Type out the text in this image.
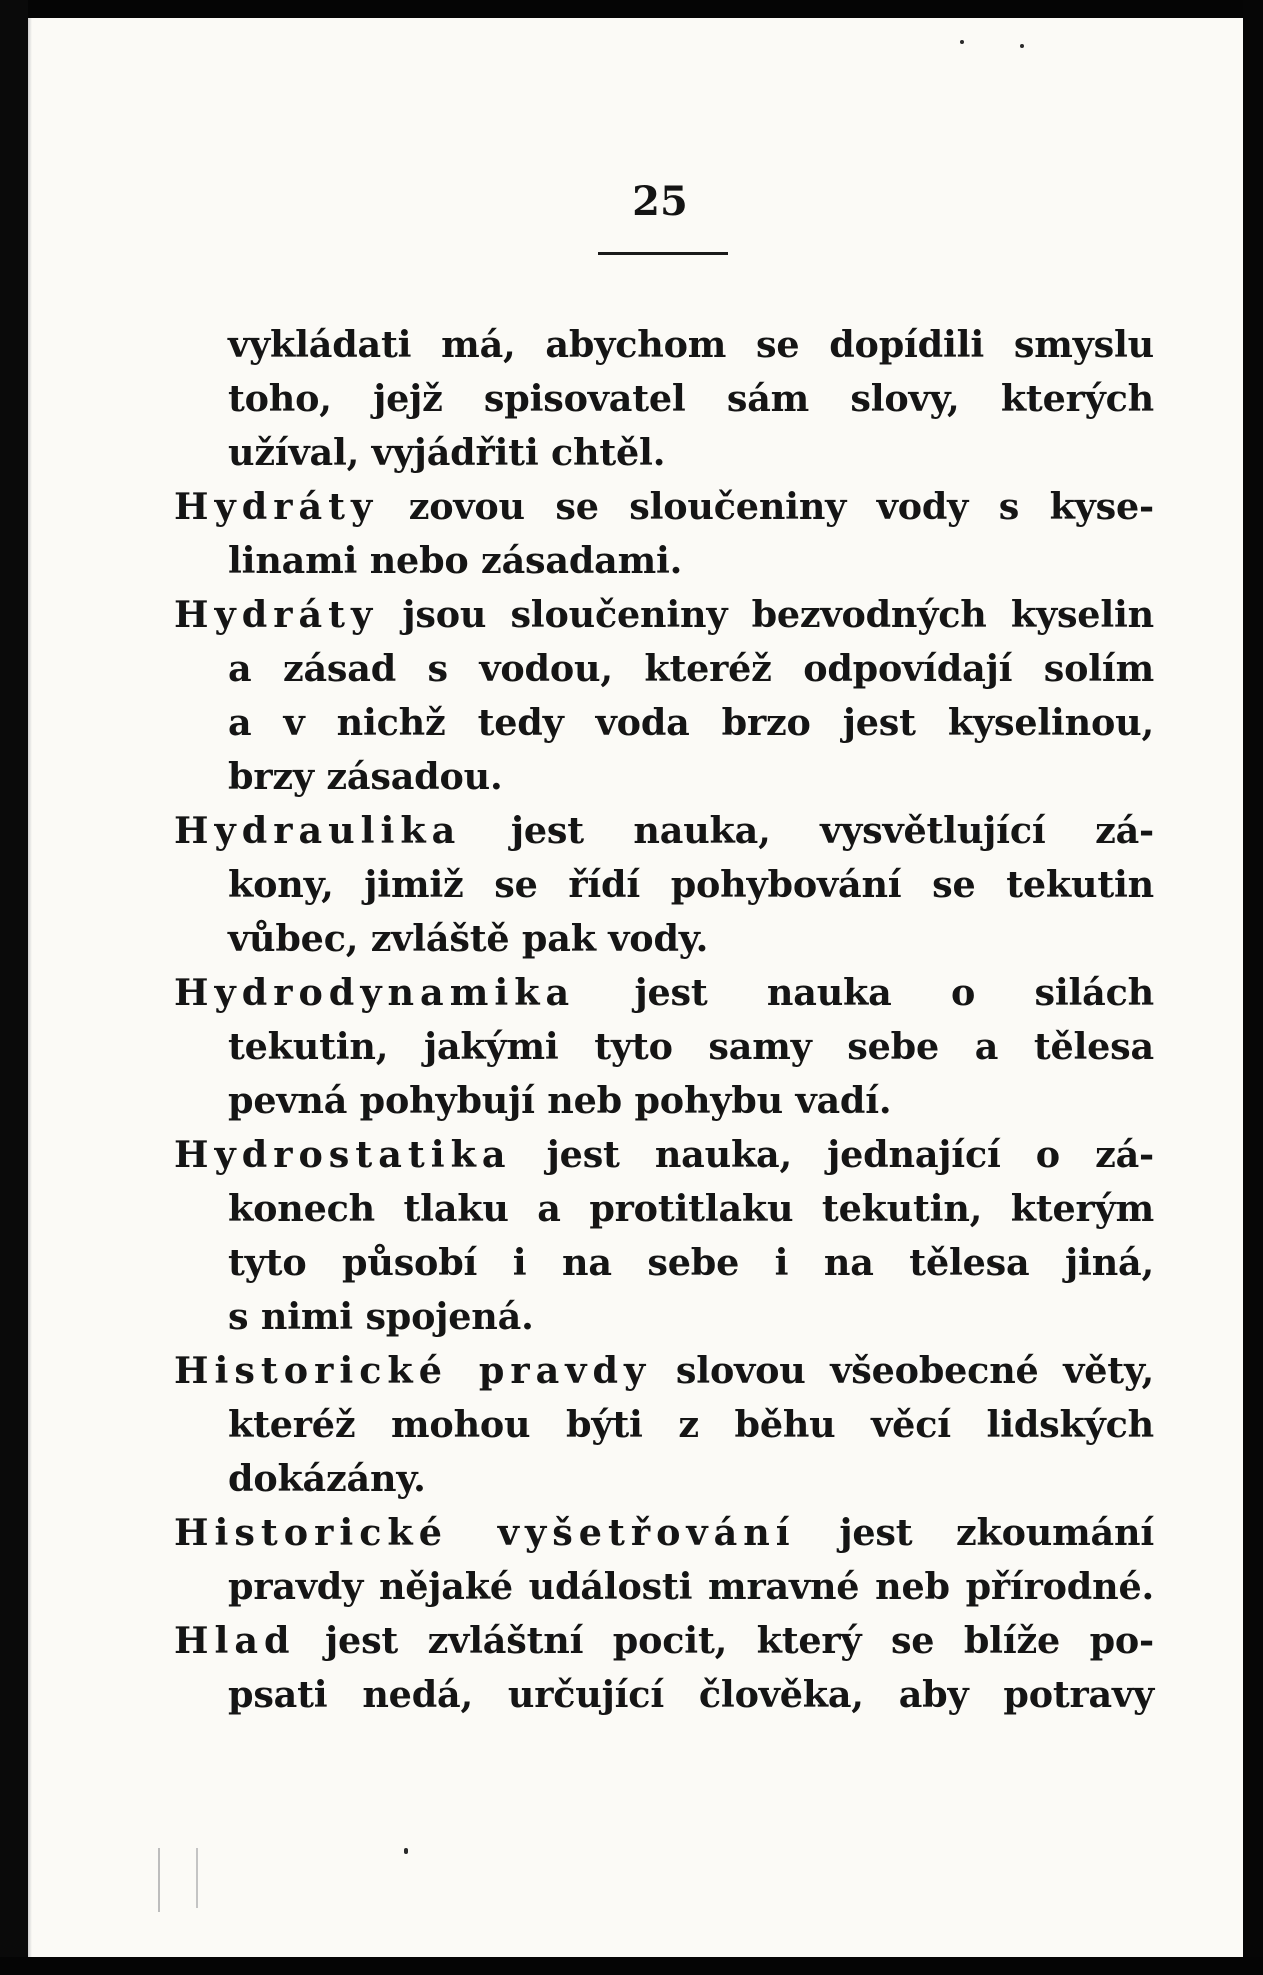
25
vykládati má, abychom se dopídili smyslu
toho, jejž spisovatel sám slovy, kterých
užíval, vyjádřiti chtěl.
Hydráty zovou se sloučeniny vody s kyse-
linami nebo zásadami.
Hydráty jsou sloučeniny bezvodných kyselin
a zásad s vodou, kteréž odpovídají solím
a v nichž tedy voda brzo jest kyselinou,
brzy zásadou.
Hydraulika jest nauka, vysvětlující zá-
kony, jimiž se řídí pohybování se tekutin
vůbec, zvláště pak vody.
Hydrodynamika jest nauka o silách
tekutin, jakými tyto samy sebe a tělesa
pevná pohybují neb pohybu vadí.
Hydrostatika jest nauka, jednající o zá-
konech tlaku a protitlaku tekutin, kterým
tyto působí i na sebe i na tělesa jiná,
s nimi spojená.
Historické pravdy slovou všeobecné věty,
kteréž mohou býti z běhu věcí lidských
dokázány.
Historické vyšetřování jest zkoumání
pravdy nějaké události mravné neb přírodné.
Hlad jest zvláštní pocit, který se blíže po-
psati nedá, určující člověka, aby potravy
